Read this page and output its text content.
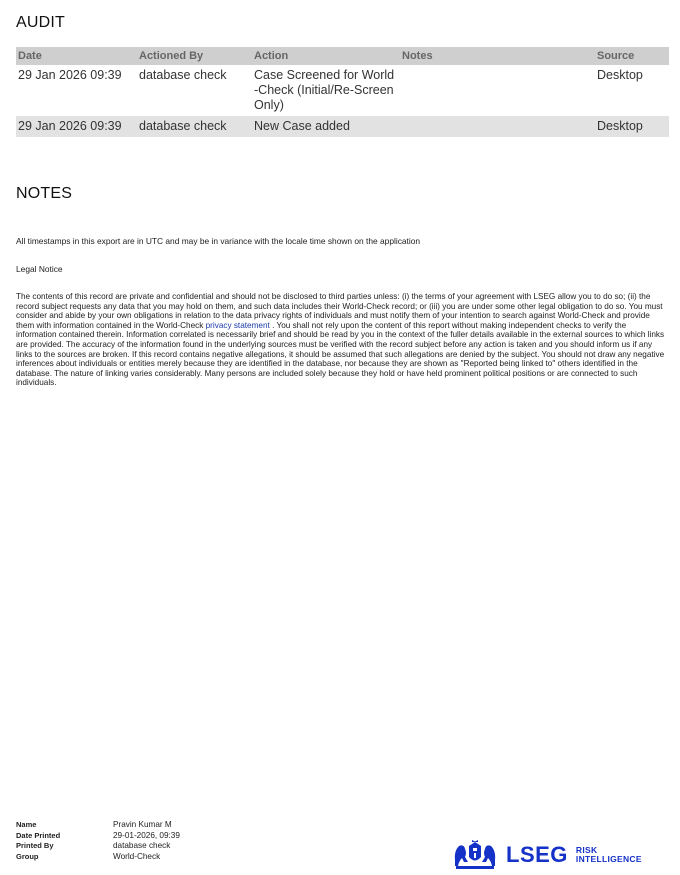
AUDIT
Date	Actioned By	Action	Notes	Source
29 Jan 2026 09:39	database check	Case Screened for World-Check (Initial/Re-Screen Only)		Desktop
29 Jan 2026 09:39	database check	New Case added		Desktop
NOTES

All timestamps in this export are in UTC and may be in variance with the locale time shown on the application

Legal Notice

The contents of this record are private and confidential and should not be disclosed to third parties unless: (i) the terms of your agreement with LSEG allow you to do so; (ii) the record subject requests any data that you may hold on them, and such data includes their World-Check record; or (iii) you are under some other legal obligation to do so. You must consider and abide by your own obligations in relation to the data privacy rights of individuals and must notify them of your intention to search against World-Check and provide them with information contained in the World-Check privacy statement . You shall not rely upon the content of this report without making independent checks to verify the information contained therein. Information correlated is necessarily brief and should be read by you in the context of the fuller details available in the external sources to which links are provided. The accuracy of the information found in the underlying sources must be verified with the record subject before any action is taken and you should inform us if any links to the sources are broken. If this record contains negative allegations, it should be assumed that such allegations are denied by the subject. You should not draw any negative inferences about individuals or entities merely because they are identified in the database, nor because they are shown as "Reported being linked to" others identified in the database. The nature of linking varies considerably. Many persons are included solely because they hold or have held prominent political positions or are connected to such individuals.

Name	Pravin Kumar M
Date Printed	29-01-2026, 09:39
Printed By	database check
Group	World-Check	LSEG RISK
INTELLIGENCE
